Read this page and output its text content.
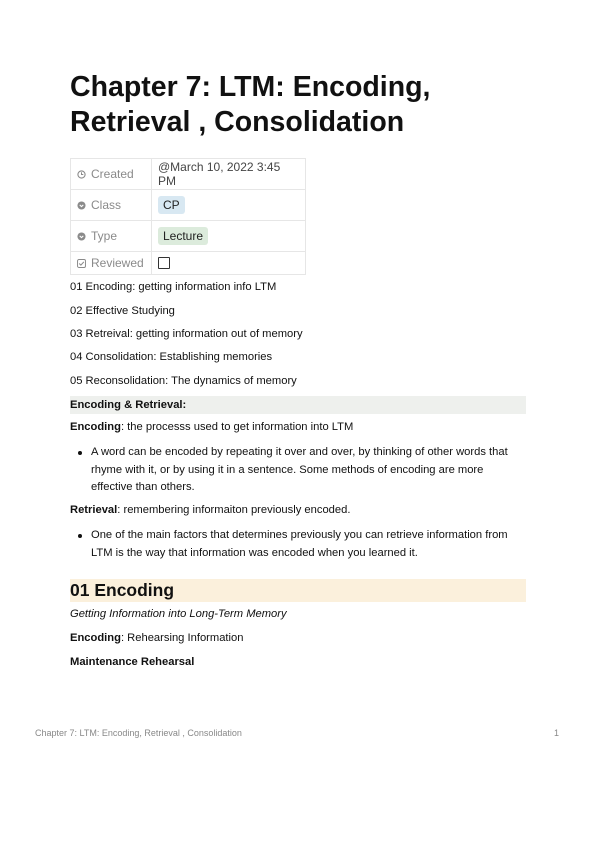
Chapter 7: LTM: Encoding, Retrieval , Consolidation
Created	@March 10, 2022 3:45 PM
Class	CP
Type	Lecture
Reviewed	
01 Encoding: getting information info LTM
02 Effective Studying
03 Retreival: getting information out of memory
04 Consolidation: Establishing memories
05 Reconsolidation: The dynamics of memory
Encoding & Retrieval:
Encoding: the processs used to get information into LTM
A word can be encoded by repeating it over and over, by thinking of other words that rhyme with it, or by using it in a sentence. Some methods of encoding are more effective than others.
Retrieval: remembering informaiton previously encoded.
One of the main factors that determines previously you can retrieve information from LTM is the way that information was encoded when you learned it.
01 Encoding
Getting Information into Long-Term Memory
Encoding: Rehearsing Information
Maintenance Rehearsal
Chapter 7: LTM: Encoding, Retrieval , Consolidation	1
